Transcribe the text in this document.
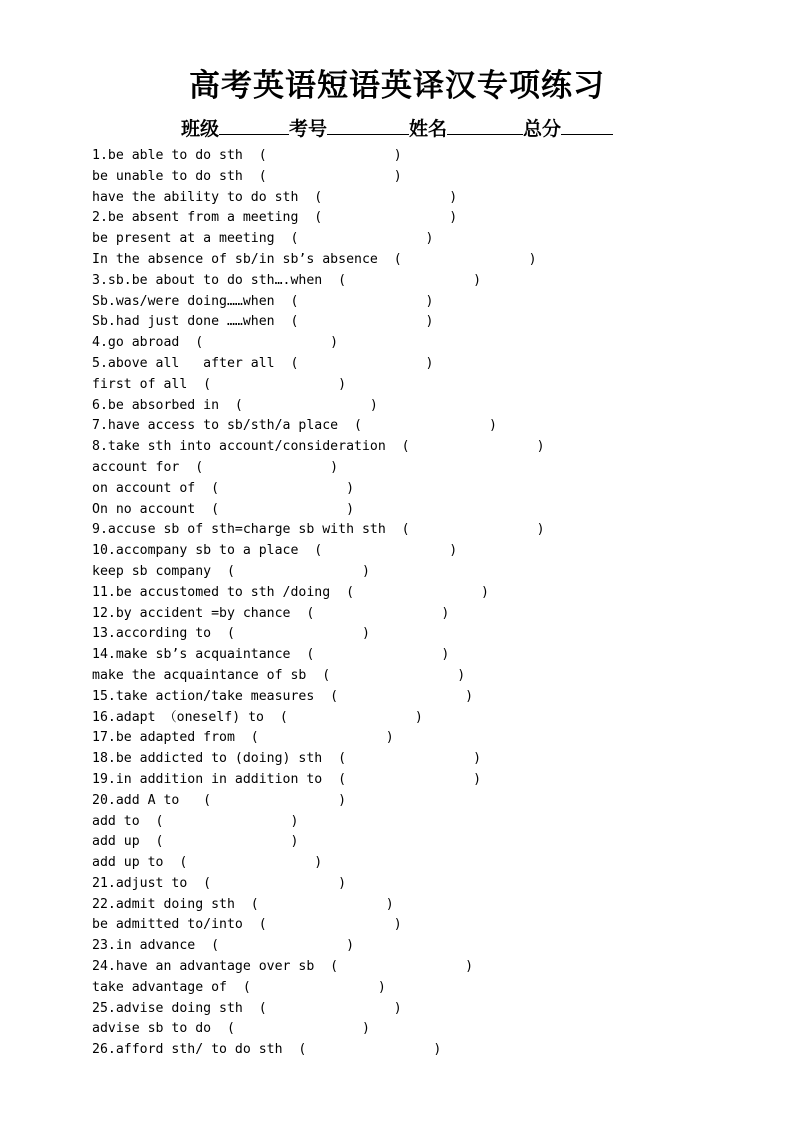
高考英语短语英译汉专项练习
班级	考号	姓名	总分
1.be able to do sth  (                )
be unable to do sth  (                )
have the ability to do sth  (                )
2.be absent from a meeting  (                )
be present at a meeting  (                )
In the absence of sb/in sb’s absence  (                )
3.sb.be about to do sth….when  (                )
Sb.was/were doing……when  (                )
Sb.had just done ……when  (                )
4.go abroad  (                )
5.above all   after all  (                )
first of all  (                )
6.be absorbed in  (                )
7.have access to sb/sth/a place  (                )
8.take sth into account/consideration  (                )
account for  (                )
on account of  (                )
On no account  (                )
9.accuse sb of sth=charge sb with sth  (                )
10.accompany sb to a place  (                )
keep sb company  (                )
11.be accustomed to sth /doing  (                )
12.by accident =by chance  (                )
13.according to  (                )
14.make sb’s acquaintance  (                )
make the acquaintance of sb  (                )
15.take action/take measures  (                )
16.adapt （oneself) to  (                )
17.be adapted from  (                )
18.be addicted to (doing) sth  (                )
19.in addition in addition to  (                )
20.add A to   (                )
add to  (                )
add up  (                )
add up to  (                )
21.adjust to  (                )
22.admit doing sth  (                )
be admitted to/into  (                )
23.in advance  (                )
24.have an advantage over sb  (                )
take advantage of  (                )
25.advise doing sth  (                )
advise sb to do  (                )
26.afford sth/ to do sth  (                )
